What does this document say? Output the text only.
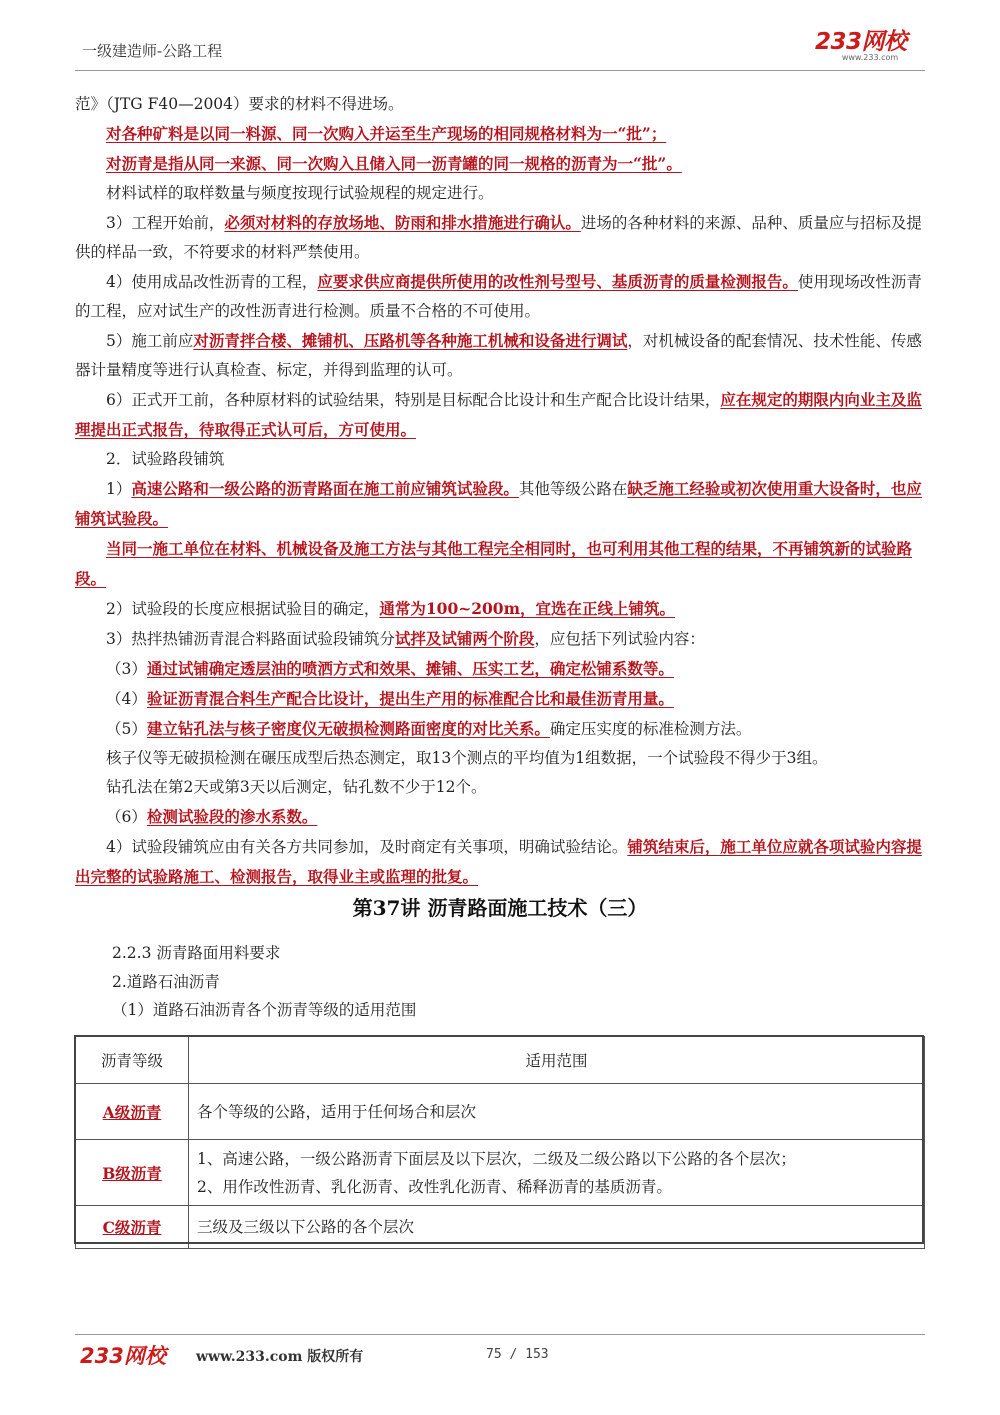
一级建造师-公路工程	233网校
www.233.com

范》（JTG F40—2004）要求的材料不得进场。

对各种矿料是以同一料源、同一次购入并运至生产现场的相同规格材料为一“批”；

对沥青是指从同一来源、同一次购入且储入同一沥青罐的同一规格的沥青为一“批”。

材料试样的取样数量与频度按现行试验规程的规定进行。

3）工程开始前，必须对材料的存放场地、防雨和排水措施进行确认。进场的各种材料的来源、品种、质量应与招标及提供的样品一致，不符要求的材料严禁使用。

4）使用成品改性沥青的工程，应要求供应商提供所使用的改性剂号型号、基质沥青的质量检测报告。使用现场改性沥青的工程，应对试生产的改性沥青进行检测。质量不合格的不可使用。

5）施工前应对沥青拌合楼、摊铺机、压路机等各种施工机械和设备进行调试，对机械设备的配套情况、技术性能、传感器计量精度等进行认真检查、标定，并得到监理的认可。

6）正式开工前，各种原材料的试验结果，特别是目标配合比设计和生产配合比设计结果，应在规定的期限内向业主及监理提出正式报告，待取得正式认可后，方可使用。

2．试验路段铺筑

1）高速公路和一级公路的沥青路面在施工前应铺筑试验段。其他等级公路在缺乏施工经验或初次使用重大设备时，也应铺筑试验段。

当同一施工单位在材料、机械设备及施工方法与其他工程完全相同时，也可利用其他工程的结果，不再铺筑新的试验路段。

2）试验段的长度应根据试验目的确定，通常为100~200m，宜选在正线上铺筑。

3）热拌热铺沥青混合料路面试验段铺筑分试拌及试铺两个阶段，应包括下列试验内容：

（3）通过试铺确定透层油的喷洒方式和效果、摊铺、压实工艺，确定松铺系数等。

（4）验证沥青混合料生产配合比设计，提出生产用的标准配合比和最佳沥青用量。

（5）建立钻孔法与核子密度仪无破损检测路面密度的对比关系。确定压实度的标准检测方法。

核子仪等无破损检测在碾压成型后热态测定，取13个测点的平均值为1组数据，一个试验段不得少于3组。

钻孔法在第2天或第3天以后测定，钻孔数不少于12个。

（6）检测试验段的渗水系数。

4）试验段铺筑应由有关各方共同参加，及时商定有关事项，明确试验结论。铺筑结束后，施工单位应就各项试验内容提出完整的试验路施工、检测报告，取得业主或监理的批复。

第37讲 沥青路面施工技术（三）
2.2.3 沥青路面用料要求
2.道路石油沥青
（1）道路石油沥青各个沥青等级的适用范围
沥青等级	适用范围
A级沥青	各个等级的公路，适用于任何场合和层次

B级沥青	1、高速公路，一级公路沥青下面层及以下层次，二级及二级公路以下公路的各个层次；
2、用作改性沥青、乳化沥青、改性乳化沥青、稀释沥青的基质沥青。

C级沥青	三级及三级以下公路的各个层次
233网校 www.233.com 版权所有	75 / 153
